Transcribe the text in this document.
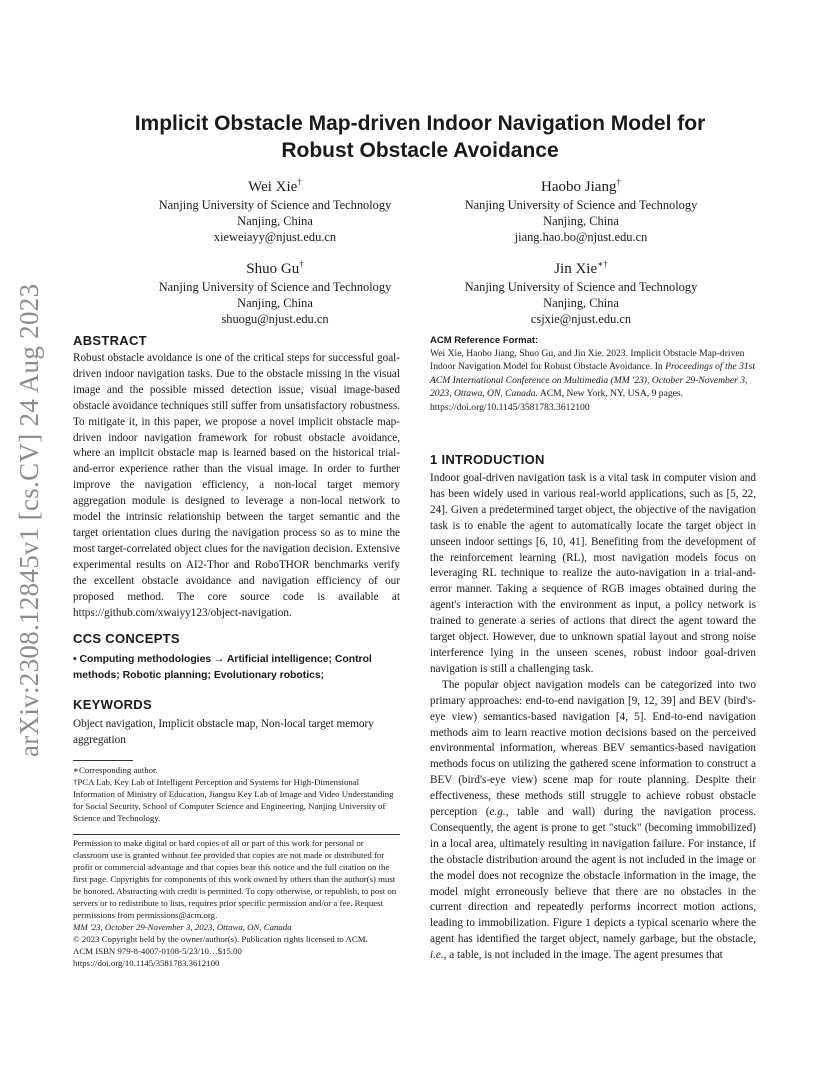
arXiv:2308.12845v1 [cs.CV] 24 Aug 2023
Implicit Obstacle Map-driven Indoor Navigation Model for
Robust Obstacle Avoidance
Wei Xie†
Nanjing University of Science and Technology
Nanjing, China
xieweiayy@njust.edu.cn
Haobo Jiang†
Nanjing University of Science and Technology
Nanjing, China
jiang.hao.bo@njust.edu.cn
Shuo Gu†
Nanjing University of Science and Technology
Nanjing, China
shuogu@njust.edu.cn
Jin Xie∗†
Nanjing University of Science and Technology
Nanjing, China
csjxie@njust.edu.cn

ABSTRACT

Robust obstacle avoidance is one of the critical steps for successful goal-driven indoor navigation tasks. Due to the obstacle missing in the visual image and the possible missed detection issue, visual image-based obstacle avoidance techniques still suffer from unsatisfactory robustness. To mitigate it, in this paper, we propose a novel implicit obstacle map-driven indoor navigation framework for robust obstacle avoidance, where an implicit obstacle map is learned based on the historical trial-and-error experience rather than the visual image. In order to further improve the navigation efficiency, a non-local target memory aggregation module is designed to leverage a non-local network to model the intrinsic relationship between the target semantic and the target orientation clues during the navigation process so as to mine the most target-correlated object clues for the navigation decision. Extensive experimental results on AI2-Thor and RoboTHOR benchmarks verify the excellent obstacle avoidance and navigation efficiency of our proposed method. The core source code is available at https://github.com/xwaiyy123/object-navigation.

CCS CONCEPTS

• Computing methodologies → Artificial intelligence; Control methods; Robotic planning; Evolutionary robotics;

KEYWORDS

Object navigation, Implicit obstacle map, Non-local target memory aggregation

∗Corresponding author.

†PCA Lab, Key Lab of Intelligent Perception and Systems for High-Dimensional Information of Ministry of Education, Jiangsu Key Lab of Image and Video Understanding for Social Security, School of Computer Science and Engineering, Nanjing University of Science and Technology.

Permission to make digital or hard copies of all or part of this work for personal or classroom use is granted without fee provided that copies are not made or distributed for profit or commercial advantage and that copies bear this notice and the full citation on the first page. Copyrights for components of this work owned by others than the author(s) must be honored. Abstracting with credit is permitted. To copy otherwise, or republish, to post on servers or to redistribute to lists, requires prior specific permission and/or a fee. Request permissions from permissions@acm.org.

MM '23, October 29-November 3, 2023, Ottawa, ON, Canada

© 2023 Copyright held by the owner/author(s). Publication rights licensed to ACM.

ACM ISBN 979-8-4007-0108-5/23/10…$15.00

https://doi.org/10.1145/3581783.3612100

ACM Reference Format:

Wei Xie, Haobo Jiang, Shuo Gu, and Jin Xie. 2023. Implicit Obstacle Map-driven Indoor Navigation Model for Robust Obstacle Avoidance. In Proceedings of the 31st ACM International Conference on Multimedia (MM '23), October 29-November 3, 2023, Ottawa, ON, Canada. ACM, New York, NY, USA, 9 pages. https://doi.org/10.1145/3581783.3612100

1 INTRODUCTION

Indoor goal-driven navigation task is a vital task in computer vision and has been widely used in various real-world applications, such as [5, 22, 24]. Given a predetermined target object, the objective of the navigation task is to enable the agent to automatically locate the target object in unseen indoor settings [6, 10, 41]. Benefiting from the development of the reinforcement learning (RL), most navigation models focus on leveraging RL technique to realize the auto-navigation in a trial-and-error manner. Taking a sequence of RGB images obtained during the agent's interaction with the environment as input, a policy network is trained to generate a series of actions that direct the agent toward the target object. However, due to unknown spatial layout and strong noise interference lying in the unseen scenes, robust indoor goal-driven navigation is still a challenging task.

The popular object navigation models can be categorized into two primary approaches: end-to-end navigation [9, 12, 39] and BEV (bird's-eye view) semantics-based navigation [4, 5]. End-to-end navigation methods aim to learn reactive motion decisions based on the perceived environmental information, whereas BEV semantics-based navigation methods focus on utilizing the gathered scene information to construct a BEV (bird's-eye view) scene map for route planning. Despite their effectiveness, these methods still struggle to achieve robust obstacle perception (e.g., table and wall) during the navigation process. Consequently, the agent is prone to get "stuck" (becoming immobilized) in a local area, ultimately resulting in navigation failure. For instance, if the obstacle distribution around the agent is not included in the image or the model does not recognize the obstacle information in the image, the model might erroneously believe that there are no obstacles in the current direction and repeatedly performs incorrect motion actions, leading to immobilization. Figure 1 depicts a typical scenario where the agent has identified the target object, namely garbage, but the obstacle, i.e., a table, is not included in the image. The agent presumes that
